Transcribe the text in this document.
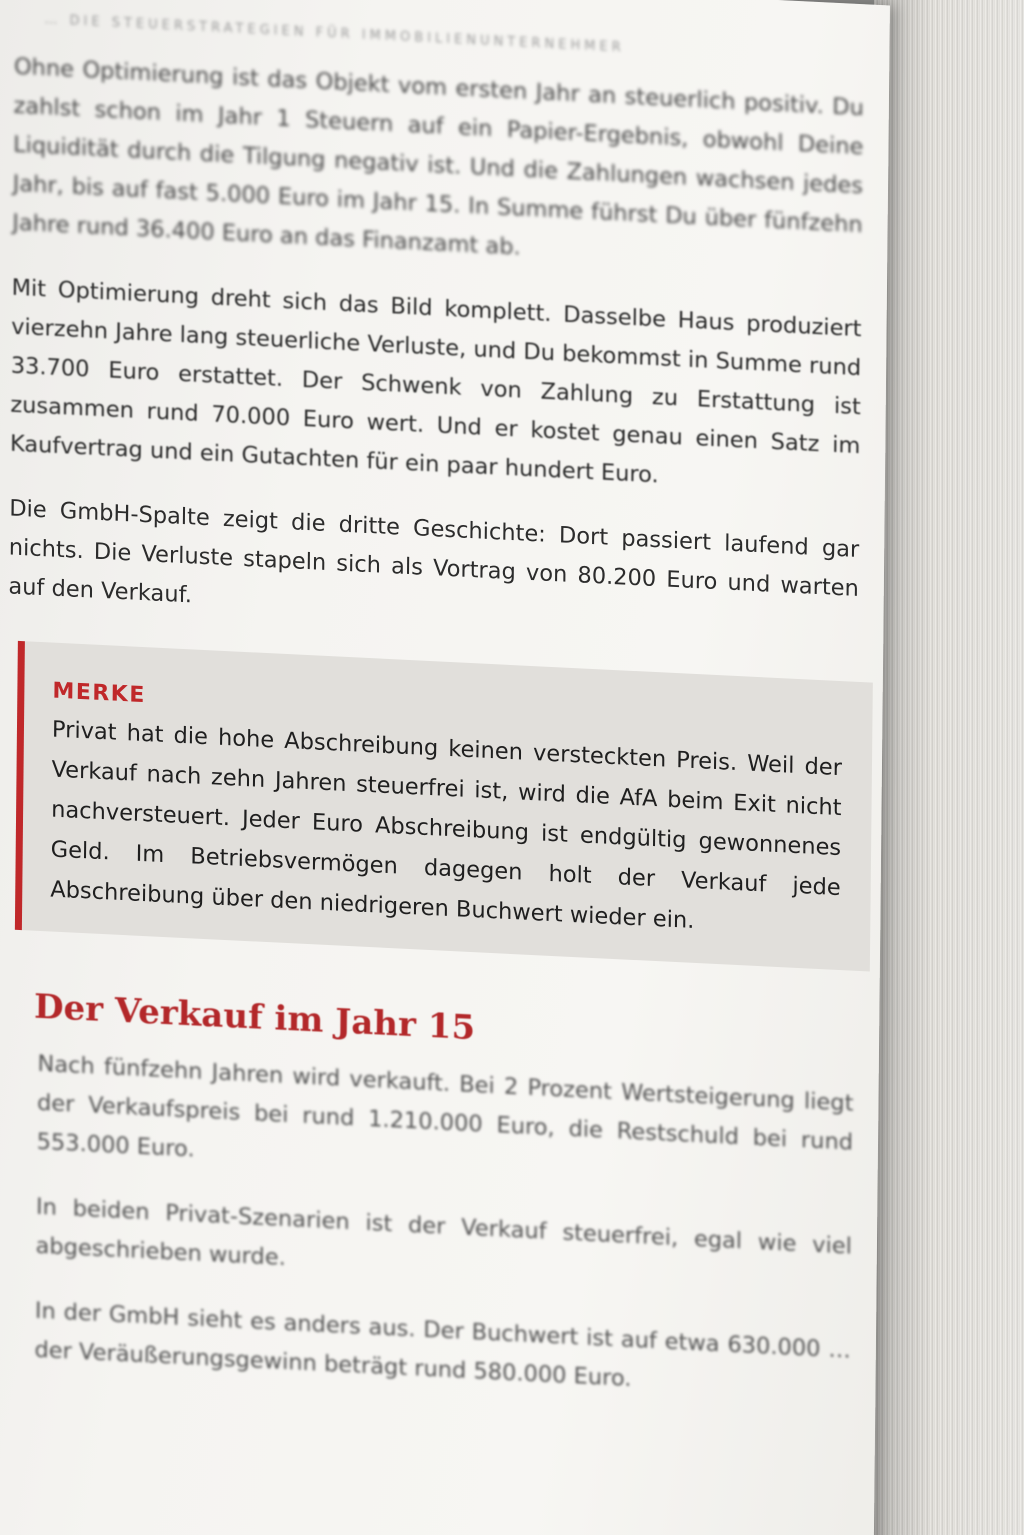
… DIE STEUERSTRATEGIEN FÜR IMMOBILIENUNTERNEHMER

Ohne Optimierung ist das Objekt vom ersten Jahr an steuerlich positiv. Du zahlst schon im Jahr 1 Steuern auf ein Papier-Ergebnis, obwohl Deine Liquidität durch die Tilgung negativ ist. Und die Zahlungen wachsen jedes Jahr, bis auf fast 5.000 Euro im Jahr 15. In Summe führst Du über fünfzehn Jahre rund 36.400 Euro an das Finanzamt ab.

Mit Optimierung dreht sich das Bild komplett. Dasselbe Haus produziert vierzehn Jahre lang steuerliche Verluste, und Du bekommst in Summe rund 33.700 Euro erstattet. Der Schwenk von Zahlung zu Erstattung ist zusammen rund 70.000 Euro wert. Und er kostet genau einen Satz im Kaufvertrag und ein Gutachten für ein paar hundert Euro.

Die GmbH-Spalte zeigt die dritte Geschichte: Dort passiert laufend gar nichts. Die Verluste stapeln sich als Vortrag von 80.200 Euro und warten auf den Verkauf.

MERKE
Privat hat die hohe Abschreibung keinen versteckten Preis. Weil der Verkauf nach zehn Jahren steuerfrei ist, wird die AfA beim Exit nicht nachversteuert. Jeder Euro Abschreibung ist endgültig gewonnenes Geld. Im Betriebsvermögen dagegen holt der Verkauf jede Abschreibung über den niedrigeren Buchwert wieder ein.
Der Verkauf im Jahr 15

Nach fünfzehn Jahren wird verkauft. Bei 2 Prozent Wertsteigerung liegt der Verkaufspreis bei rund 1.210.000 Euro, die Restschuld bei rund 553.000 Euro.

In beiden Privat-Szenarien ist der Verkauf steuerfrei, egal wie viel abgeschrieben wurde.

In der GmbH sieht es anders aus. Der Buchwert ist auf etwa 630.000 … der Veräußerungsgewinn beträgt rund 580.000 Euro.
